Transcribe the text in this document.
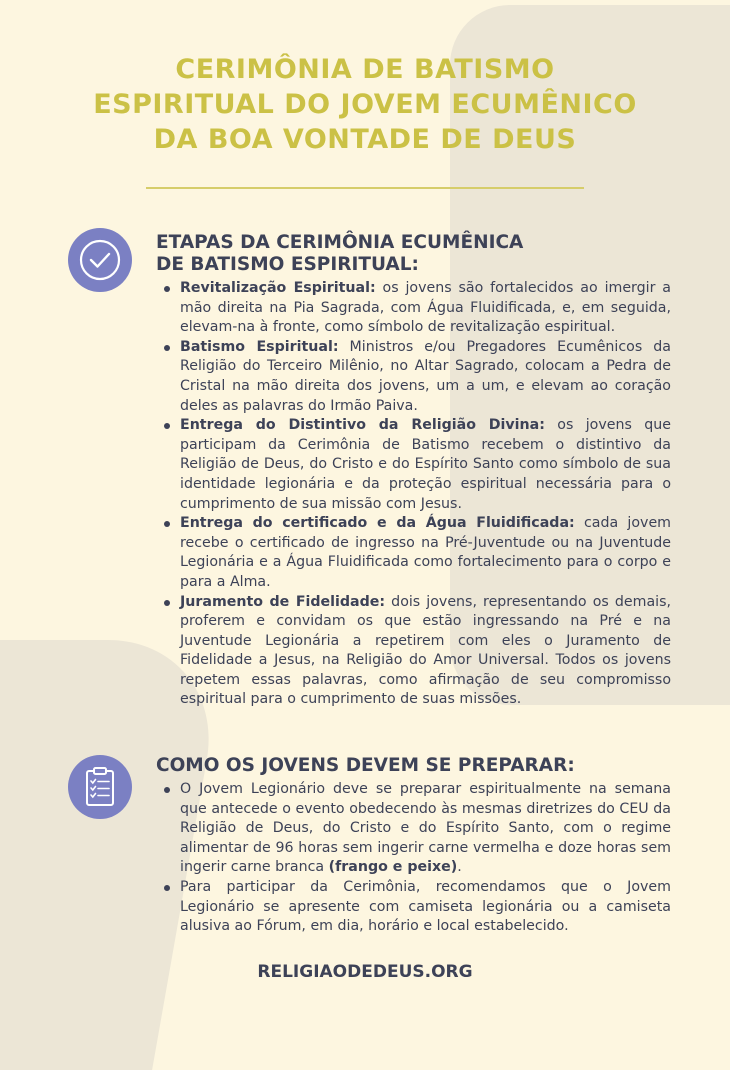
CERIMÔNIA DE BATISMO
ESPIRITUAL DO JOVEM ECUMÊNICO
DA BOA VONTADE DE DEUS
ETAPAS DA CERIMÔNIA ECUMÊNICA
DE BATISMO ESPIRITUAL:
Revitalização Espiritual: os jovens são fortalecidos ao imergir a mão direita na Pia Sagrada, com Água Fluidificada, e, em seguida, elevam-na à fronte, como símbolo de revitalização espiritual.
Batismo Espiritual: Ministros e/ou Pregadores Ecumênicos da Religião do Terceiro Milênio, no Altar Sagrado, colocam a Pedra de Cristal na mão direita dos jovens, um a um, e elevam ao coração deles as palavras do Irmão Paiva.
Entrega do Distintivo da Religião Divina: os jovens que participam da Cerimônia de Batismo recebem o distintivo da Religião de Deus, do Cristo e do Espírito Santo como símbolo de sua identidade legionária e da proteção espiritual necessária para o cumprimento de sua missão com Jesus.
Entrega do certificado e da Água Fluidificada: cada jovem recebe o certificado de ingresso na Pré-Juventude ou na Juventude Legionária e a Água Fluidificada como fortalecimento para o corpo e para a Alma.
Juramento de Fidelidade: dois jovens, representando os demais, proferem e convidam os que estão ingressando na Pré e na Juventude Legionária a repetirem com eles o Juramento de Fidelidade a Jesus, na Religião do Amor Universal. Todos os jovens repetem essas palavras, como afirmação de seu compromisso espiritual para o cumprimento de suas missões.
COMO OS JOVENS DEVEM SE PREPARAR:
O Jovem Legionário deve se preparar espiritualmente na semana que antecede o evento obedecendo às mesmas diretrizes do CEU da Religião de Deus, do Cristo e do Espírito Santo, com o regime alimentar de 96 horas sem ingerir carne vermelha e doze horas sem ingerir carne branca (frango e peixe).
Para participar da Cerimônia, recomendamos que o Jovem Legionário se apresente com camiseta legionária ou a camiseta alusiva ao Fórum, em dia, horário e local estabelecido.
RELIGIAODEDEUS.ORG
